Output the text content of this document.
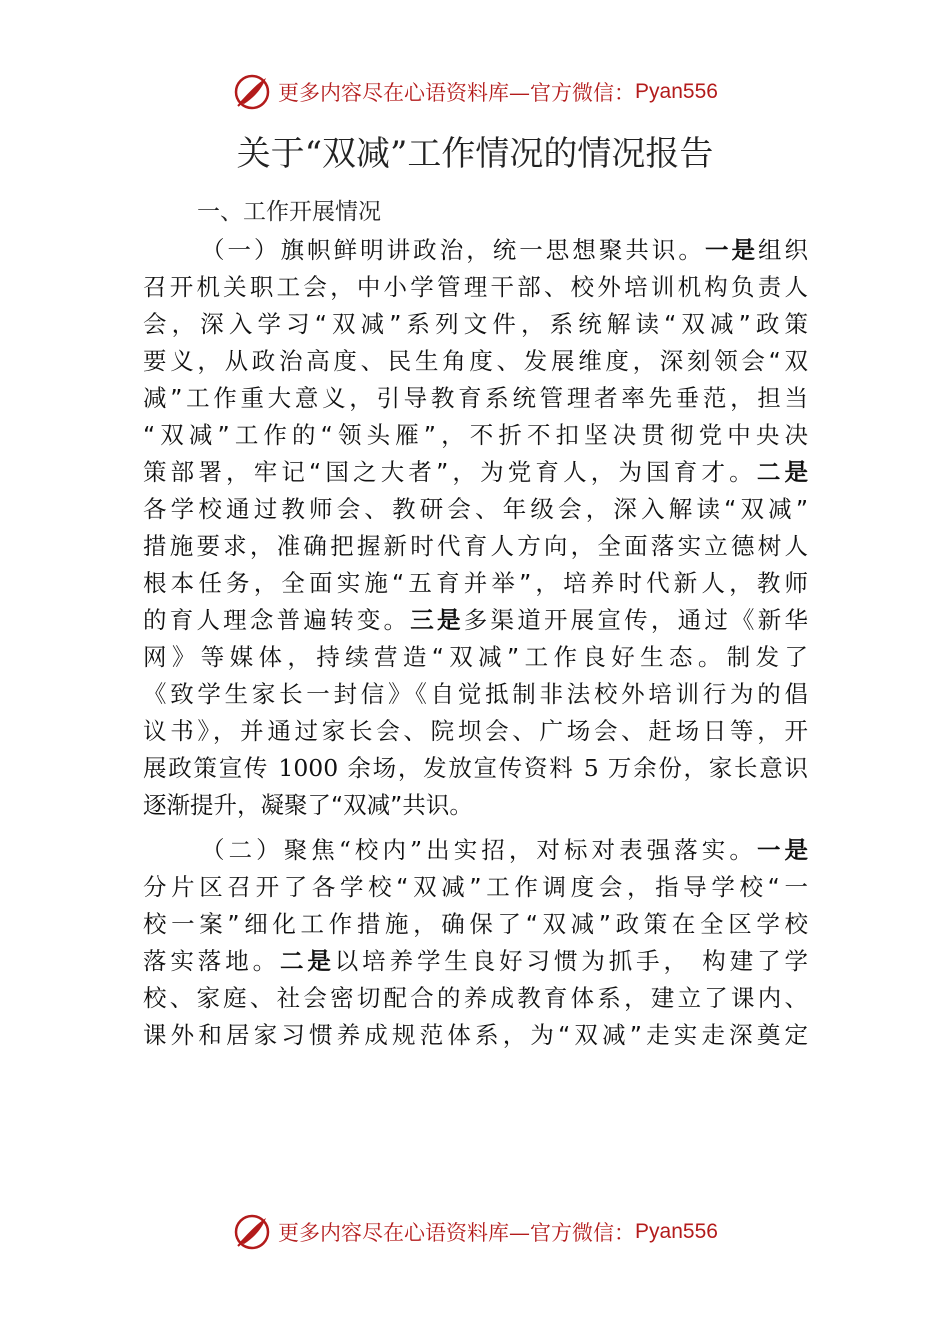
更多内容尽在心语资料库—官方微信： Pyan556
关于“双减”工作情况的情况报告
一、工作开展情况
（一）旗帜鲜明讲政治，统一思想聚共识。一是组织
召开机关职工会，中小学管理干部、校外培训机构负责人
会，深入学习“双减”系列文件，系统解读“双减”政策
要义，从政治高度、民生角度、发展维度，深刻领会“双
减”工作重大意义，引导教育系统管理者率先垂范，担当
“双减”工作的“领头雁”，不折不扣坚决贯彻党中央决
策部署，牢记“国之大者”，为党育人，为国育才。二是
各学校通过教师会、教研会、年级会，深入解读“双减”
措施要求，准确把握新时代育人方向，全面落实立德树人
根本任务，全面实施“五育并举”，培养时代新人，教师
的育人理念普遍转变。三是多渠道开展宣传，通过《新华
网》等媒体，持续营造“双减”工作良好生态。制发了
《致学生家长一封信》《自觉抵制非法校外培训行为的倡
议书》，并通过家长会、院坝会、广场会、赶场日等，开
展政策宣传 1000 余场，发放宣传资料 5 万余份，家长意识
逐渐提升，凝聚了“双减”共识。
（二）聚焦“校内”出实招，对标对表强落实。一是
分片区召开了各学校“双减”工作调度会，指导学校“一
校一案”细化工作措施，确保了“双减”政策在全区学校
落实落地。二是以培养学生良好习惯为抓手， 构建了学
校、家庭、社会密切配合的养成教育体系，建立了课内、
课外和居家习惯养成规范体系，为“双减”走实走深奠定
更多内容尽在心语资料库—官方微信： Pyan556
